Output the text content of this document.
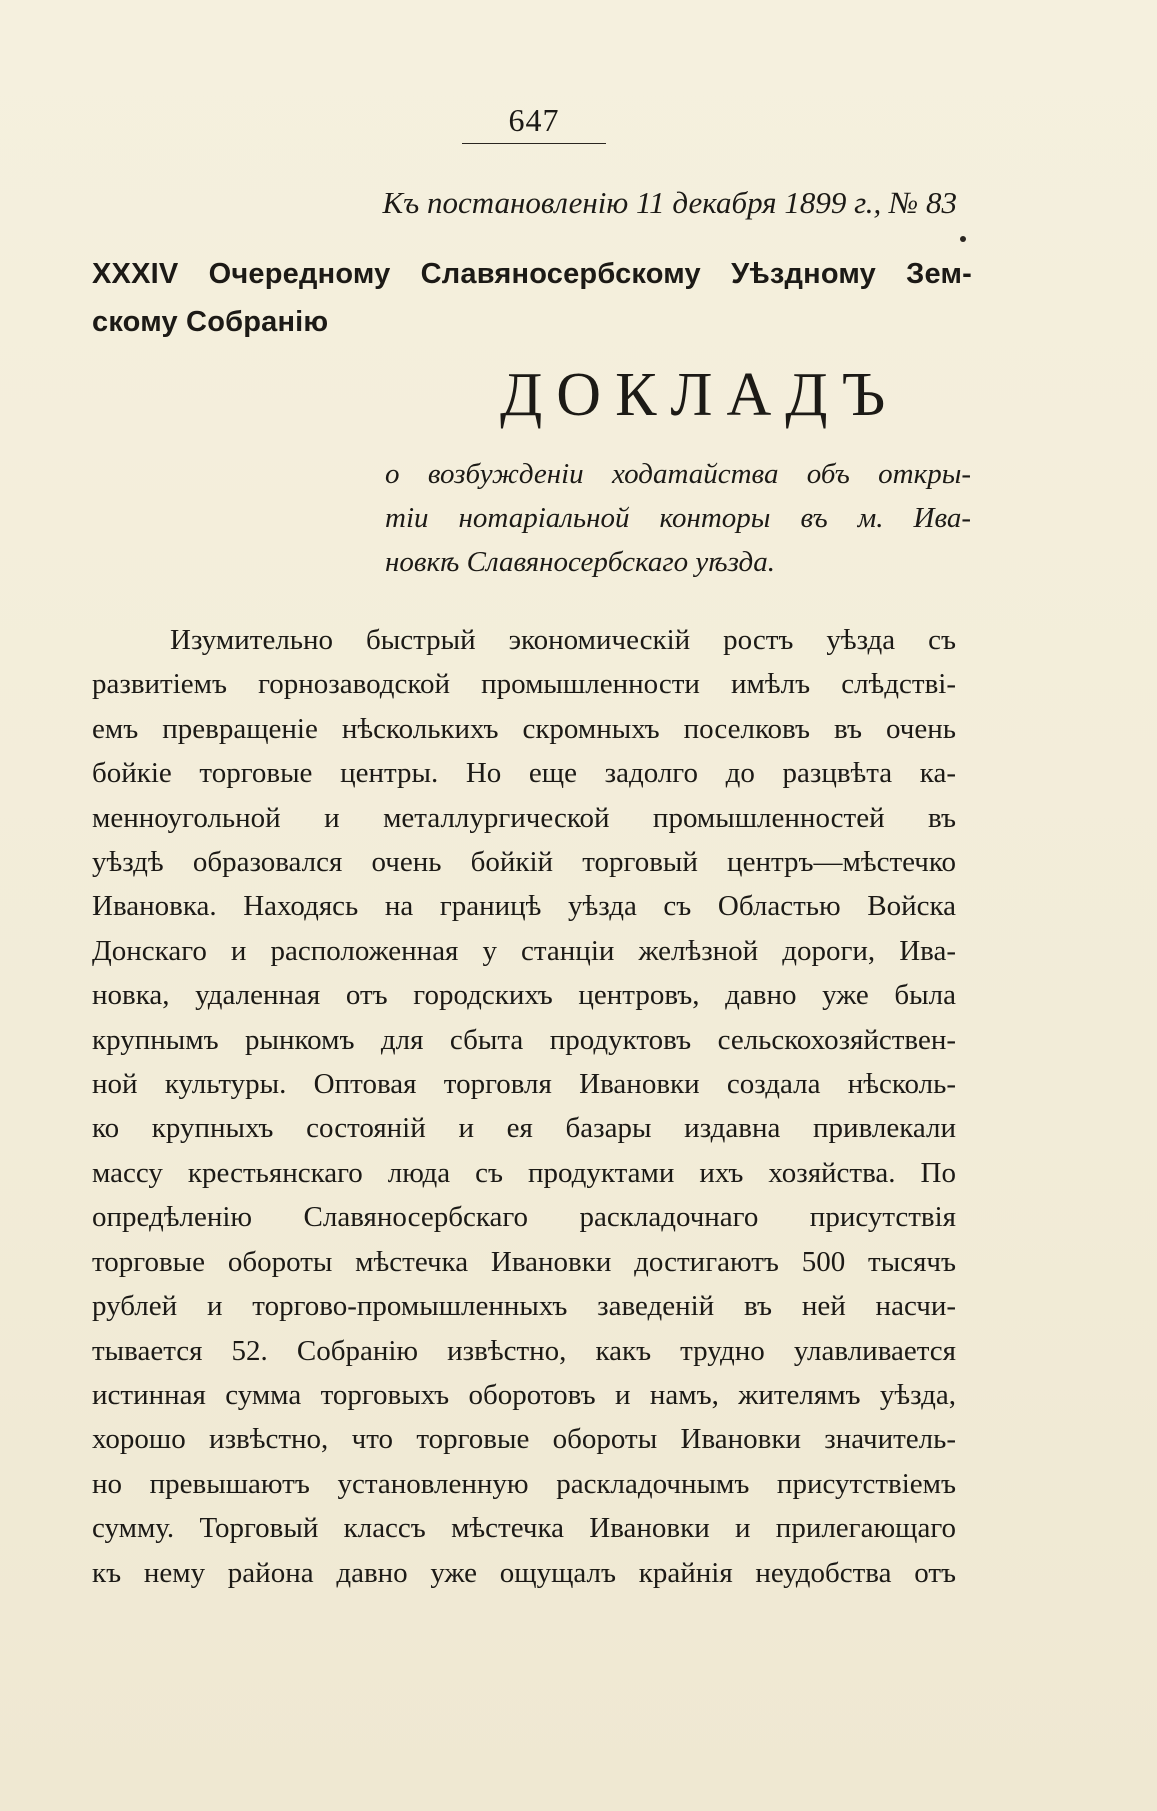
647
Къ постановленiю 11 декабря 1899 г., № 83
XXXIV Очередному Славяносербскому Уѣздному Зем-
скому Собранiю
ДОКЛАДЪ
о возбужденiи ходатайства объ откры-
тiи нотарiальной конторы въ м. Ива-
новкѣ Славяносербскаго уѣзда.
Изумительно быстрый экономическiй ростъ уѣзда съ
развитiемъ горнозаводской промышленности имѣлъ слѣдствi-
емъ превращенiе нѣсколькихъ скромныхъ поселковъ въ очень
бойкiе торговые центры. Но еще задолго до разцвѣта ка-
менноугольной и металлургической промышленностей въ
уѣздѣ образовался очень бойкiй торговый центръ—мѣстечко
Ивановка. Находясь на границѣ уѣзда съ Областью Войска
Донскаго и расположенная у станцiи желѣзной дороги, Ива-
новка, удаленная отъ городскихъ центровъ, давно уже была
крупнымъ рынкомъ для сбыта продуктовъ сельскохозяйствен-
ной культуры. Оптовая торговля Ивановки создала нѣсколь-
ко крупныхъ состоянiй и ея базары издавна привлекали
массу крестьянскаго люда съ продуктами ихъ хозяйства. По
опредѣленiю Славяносербскаго раскладочнаго присутствiя
торговые обороты мѣстечка Ивановки достигаютъ 500 тысячъ
рублей и торгово-промышленныхъ заведенiй въ ней насчи-
тывается 52. Собранiю извѣстно, какъ трудно улавливается
истинная сумма торговыхъ оборотовъ и намъ, жителямъ уѣзда,
хорошо извѣстно, что торговые обороты Ивановки значитель-
но превышаютъ установленную раскладочнымъ присутствiемъ
сумму. Торговый классъ мѣстечка Ивановки и прилегающаго
къ нему района давно уже ощущалъ крайнiя неудобства отъ
